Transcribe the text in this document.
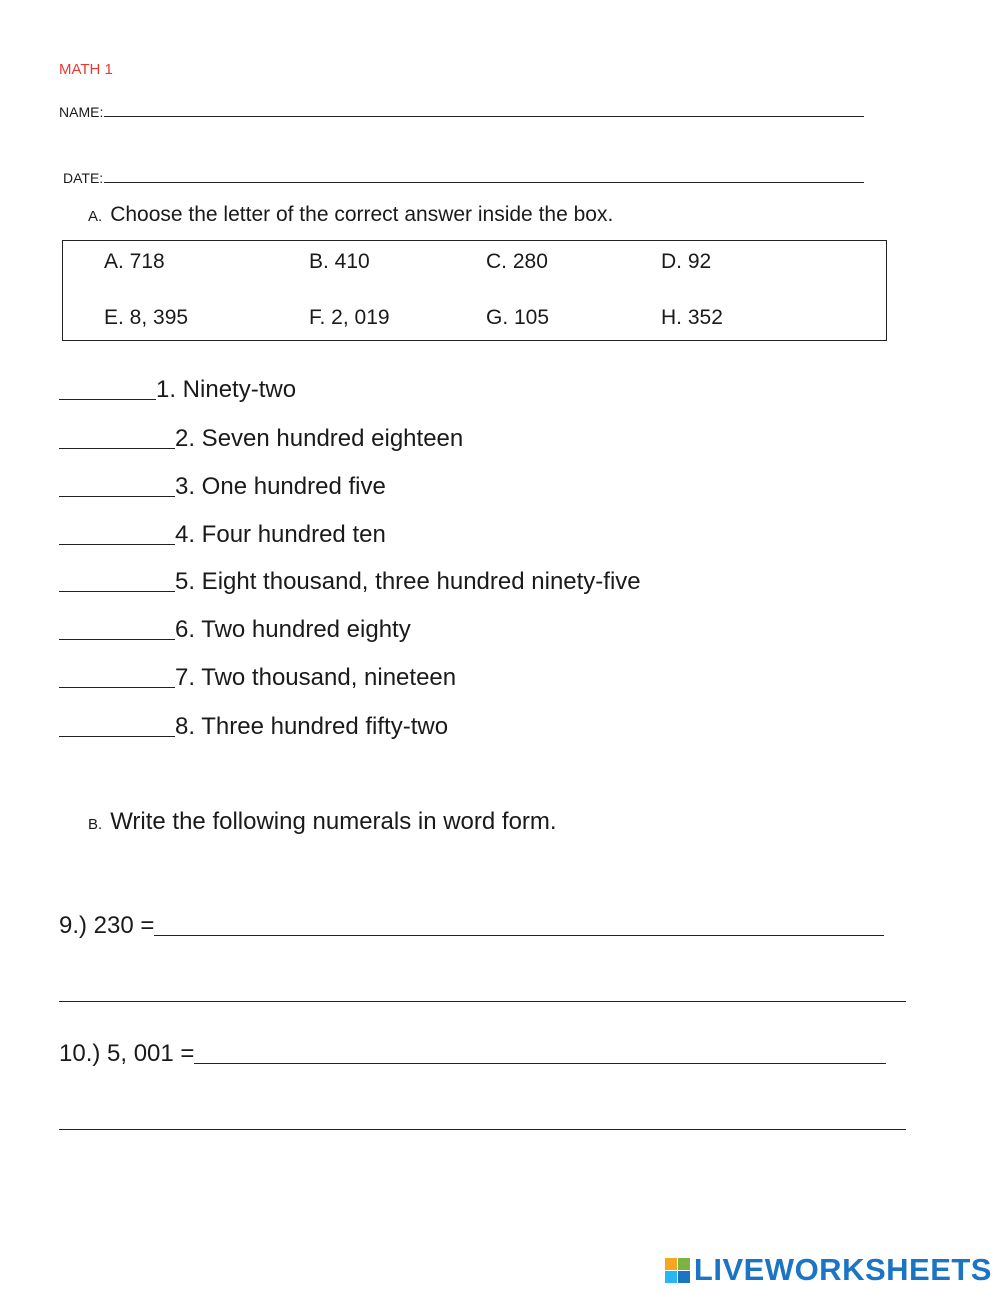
MATH 1
NAME:
DATE:
A. Choose the letter of the correct answer inside the box.
A. 718	B. 410	C. 280	D. 92
E. 8, 395	F. 2, 019	G. 105	H. 352
1. Ninety-two
2. Seven hundred eighteen
3. One hundred five
4. Four hundred ten
5. Eight thousand, three hundred ninety-five
6. Two hundred eighty
7. Two thousand, nineteen
8. Three hundred fifty-two
B. Write the following numerals in word form.
9.) 230 =
10.) 5, 001 =
LIVEWORKSHEETS
